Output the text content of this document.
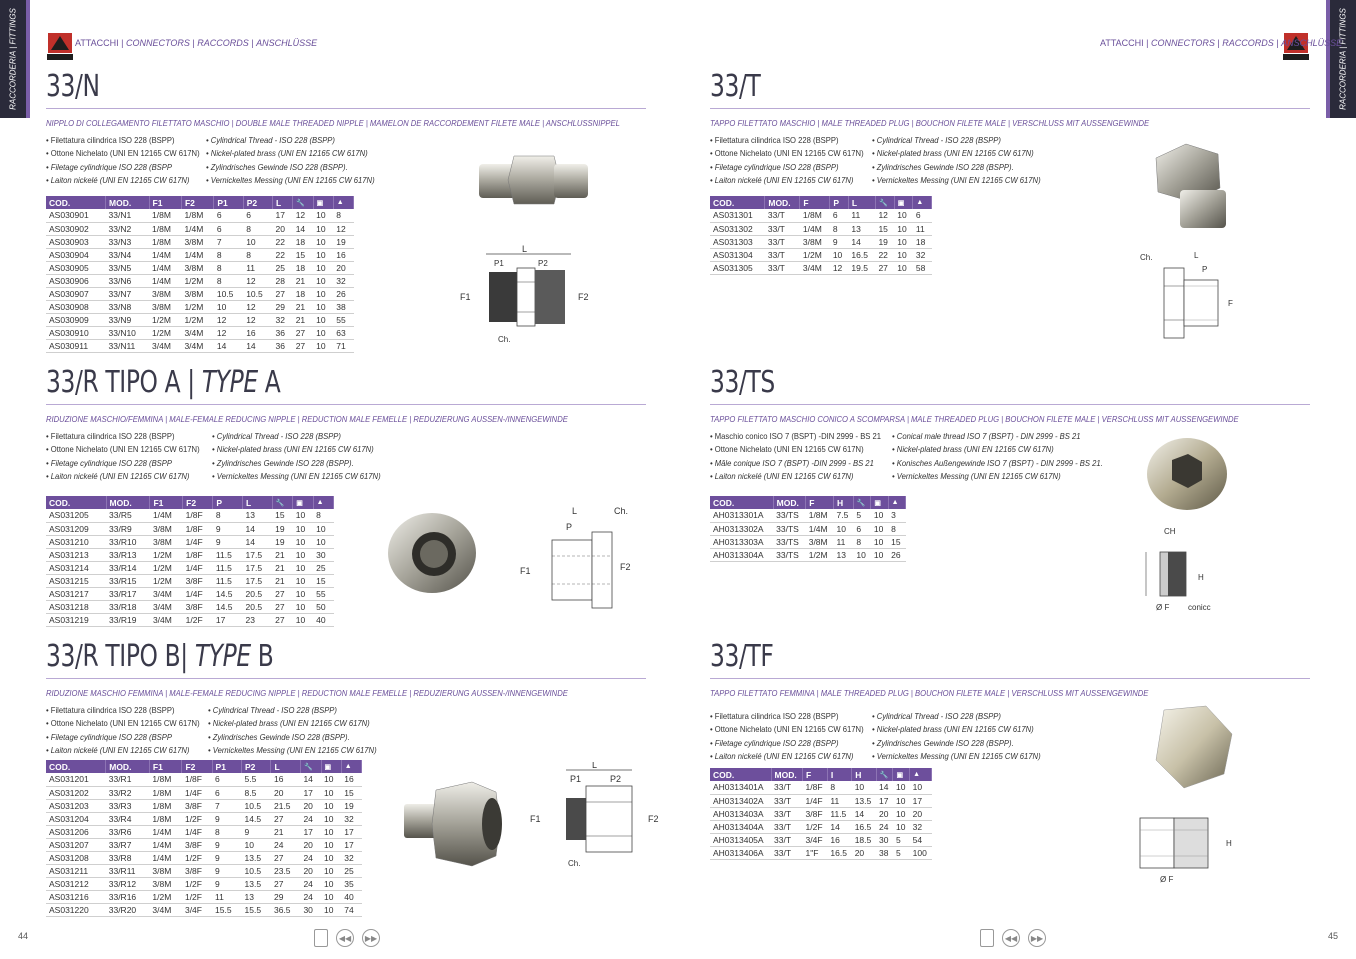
RACCORDERIA | FITTINGS	RACCORDERIA | FITTINGS
ATTACCHI | CONNECTORS | RACCORDS | ANSCHLÜSSE	ATTACCHI | CONNECTORS | RACCORDS | ANSCHLÜSSE
33/N
NIPPLO DI COLLEGAMENTO FILETTATO MASCHIO | DOUBLE MALE THREADED NIPPLE | MAMELON DE RACCORDEMENT FILETE MALE | ANSCHLUSSNIPPEL
• Filettatura cilindrica ISO 228 (BSPP)
• Ottone Nichelato (UNI EN 12165 CW 617N)
• Filetage cylindrique ISO 228 (BSPP
• Laiton nickelé (UNI EN 12165 CW 617N)
• Cylindrical Thread - ISO 228 (BSPP)
• Nickel-plated brass (UNI EN 12165 CW 617N)
• Zylindrisches Gewinde ISO 228 (BSPP).
• Vernickeltes Messing (UNI EN 12165 CW 617N)
COD.	MOD.	F1	F2	P1	P2	L	🔧	▣	▲
AS030901	33/N1	1/8M	1/8M	6	6	17	12	10	8
AS030902	33/N2	1/8M	1/4M	6	8	20	14	10	12
AS030903	33/N3	1/8M	3/8M	7	10	22	18	10	19
AS030904	33/N4	1/4M	1/4M	8	8	22	15	10	16
AS030905	33/N5	1/4M	3/8M	8	11	25	18	10	20
AS030906	33/N6	1/4M	1/2M	8	12	28	21	10	32
AS030907	33/N7	3/8M	3/8M	10.5	10.5	27	18	10	26
AS030908	33/N8	3/8M	1/2M	10	12	29	21	10	38
AS030909	33/N9	1/2M	1/2M	12	12	32	21	10	55
AS030910	33/N10	1/2M	3/4M	12	16	36	27	10	63
AS030911	33/N11	3/4M	3/4M	14	14	36	27	10	71
L
P1	P2
F1	F2
Ch.
33/R TIPO A | TYPE A
RIDUZIONE MASCHIO/FEMMINA | MALE-FEMALE REDUCING NIPPLE | REDUCTION MALE FEMELLE | REDUZIERUNG AUSSEN-/INNENGEWINDE
• Filettatura cilindrica ISO 228 (BSPP)
• Ottone Nichelato (UNI EN 12165 CW 617N)
• Filetage cylindrique ISO 228 (BSPP
• Laiton nickelé (UNI EN 12165 CW 617N)
• Cylindrical Thread - ISO 228 (BSPP)
• Nickel-plated brass (UNI EN 12165 CW 617N)
• Zylindrisches Gewinde ISO 228 (BSPP).
• Vernickeltes Messing (UNI EN 12165 CW 617N)
COD.	MOD.	F1	F2	P	L	🔧	▣	▲
AS031205	33/R5	1/4M	1/8F	8	13	15	10	8
AS031209	33/R9	3/8M	1/8F	9	14	19	10	10
AS031210	33/R10	3/8M	1/4F	9	14	19	10	10
AS031213	33/R13	1/2M	1/8F	11.5	17.5	21	10	30
AS031214	33/R14	1/2M	1/4F	11.5	17.5	21	10	25
AS031215	33/R15	1/2M	3/8F	11.5	17.5	21	10	15
AS031217	33/R17	3/4M	1/4F	14.5	20.5	27	10	55
AS031218	33/R18	3/4M	3/8F	14.5	20.5	27	10	50
AS031219	33/R19	3/4M	1/2F	17	23	27	10	40
L	Ch.
P
F1	F2
33/R TIPO B| TYPE B
RIDUZIONE MASCHIO FEMMINA | MALE-FEMALE REDUCING NIPPLE | REDUCTION MALE FEMELLE | REDUZIERUNG AUSSEN-/INNENGEWINDE
• Filettatura cilindrica ISO 228 (BSPP)
• Ottone Nichelato (UNI EN 12165 CW 617N)
• Filetage cylindrique ISO 228 (BSPP
• Laiton nickelé (UNI EN 12165 CW 617N)
• Cylindrical Thread - ISO 228 (BSPP)
• Nickel-plated brass (UNI EN 12165 CW 617N)
• Zylindrisches Gewinde ISO 228 (BSPP).
• Vernickeltes Messing (UNI EN 12165 CW 617N)
COD.	MOD.	F1	F2	P1	P2	L	🔧	▣	▲
AS031201	33/R1	1/8M	1/8F	6	5.5	16	14	10	16
AS031202	33/R2	1/8M	1/4F	6	8.5	20	17	10	15
AS031203	33/R3	1/8M	3/8F	7	10.5	21.5	20	10	19
AS031204	33/R4	1/8M	1/2F	9	14.5	27	24	10	32
AS031206	33/R6	1/4M	1/4F	8	9	21	17	10	17
AS031207	33/R7	1/4M	3/8F	9	10	24	20	10	17
AS031208	33/R8	1/4M	1/2F	9	13.5	27	24	10	32
AS031211	33/R11	3/8M	3/8F	9	10.5	23.5	20	10	25
AS031212	33/R12	3/8M	1/2F	9	13.5	27	24	10	35
AS031216	33/R16	1/2M	1/2F	11	13	29	24	10	40
AS031220	33/R20	3/4M	3/4F	15.5	15.5	36.5	30	10	74
L
P1	P2
F1	F2
Ch.
33/T
TAPPO FILETTATO MASCHIO | MALE THREADED PLUG | BOUCHON FILETE MALE | VERSCHLUSS MIT AUSSENGEWINDE
• Filettatura cilindrica ISO 228 (BSPP)
• Ottone Nichelato (UNI EN 12165 CW 617N)
• Filetage cylindrique ISO 228 (BSPP)
• Laiton nickelé (UNI EN 12165 CW 617N)
• Cylindrical Thread - ISO 228 (BSPP)
• Nickel-plated brass (UNI EN 12165 CW 617N)
• Zylindrisches Gewinde ISO 228 (BSPP).
• Vernickeltes Messing (UNI EN 12165 CW 617N)
COD.	MOD.	F	P	L	🔧	▣	▲
AS031301	33/T	1/8M	6	11	12	10	6
AS031302	33/T	1/4M	8	13	15	10	11
AS031303	33/T	3/8M	9	14	19	10	18
AS031304	33/T	1/2M	10	16.5	22	10	32
AS031305	33/T	3/4M	12	19.5	27	10	58
Ch.	L
P
F
33/TS
TAPPO FILETTATO MASCHIO CONICO A SCOMPARSA | MALE THREADED PLUG | BOUCHON FILETE MALE | VERSCHLUSS MIT AUSSENGEWINDE
• Maschio conico ISO 7 (BSPT) -DIN 2999 - BS 21
• Ottone Nichelato (UNI EN 12165 CW 617N)
• Mâle conique ISO 7 (BSPT) -DIN 2999 - BS 21
• Laiton nickelé (UNI EN 12165 CW 617N)
• Conical male thread ISO 7 (BSPT) - DIN 2999 - BS 21
• Nickel-plated brass (UNI EN 12165 CW 617N)
• Konisches Außengewinde ISO 7 (BSPT) - DIN 2999 - BS 21.
• Vernickeltes Messing (UNI EN 12165 CW 617N)
COD.	MOD.	F	H	🔧	▣	▲
AH0313301A	33/TS	1/8M	7.5	5	10	3
AH0313302A	33/TS	1/4M	10	6	10	8
AH0313303A	33/TS	3/8M	11	8	10	15
AH0313304A	33/TS	1/2M	13	10	10	26
CH
H
Ø F conicc
33/TF
TAPPO FILETTATO FEMMINA | MALE THREADED PLUG | BOUCHON FILETE MALE | VERSCHLUSS MIT AUSSENGEWINDE
• Filettatura cilindrica ISO 228 (BSPP)
• Ottone Nichelato (UNI EN 12165 CW 617N)
• Filetage cylindrique ISO 228 (BSPP)
• Laiton nickelé (UNI EN 12165 CW 617N)
• Cylindrical Thread - ISO 228 (BSPP)
• Nickel-plated brass (UNI EN 12165 CW 617N)
• Zylindrisches Gewinde ISO 228 (BSPP).
• Vernickeltes Messing (UNI EN 12165 CW 617N)
COD.	MOD.	F	I	H	🔧	▣	▲
AH0313401A	33/T	1/8F	8	10	14	10	10
AH0313402A	33/T	1/4F	11	13.5	17	10	17
AH0313403A	33/T	3/8F	11.5	14	20	10	20
AH0313404A	33/T	1/2F	14	16.5	24	10	32
AH0313405A	33/T	3/4F	16	18.5	30	5	54
AH0313406A	33/T	1"F	16.5	20	38	5	100
H
Ø F
44	45
◀◀	▶▶	◀◀	▶▶
